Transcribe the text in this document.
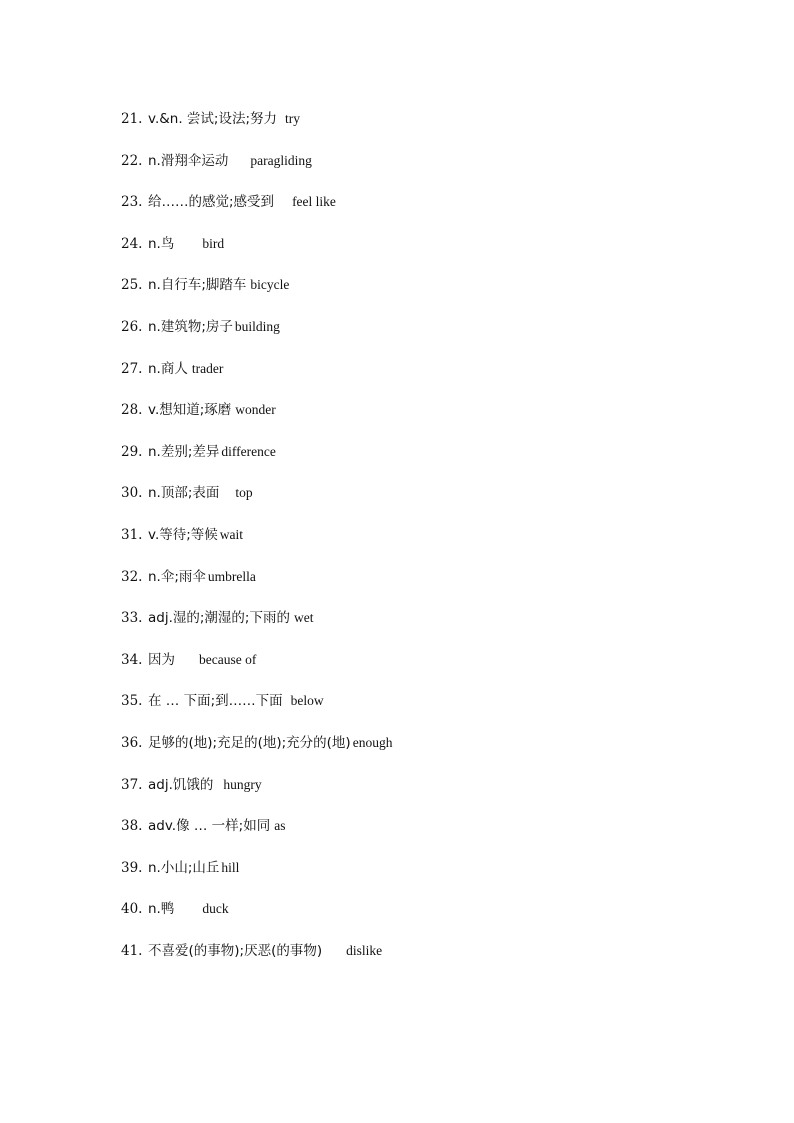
21. v.&n. 尝试;设法;努力 try
22. n.滑翔伞运动 paragliding
23. 给……的感觉;感受到 feel like
24. n.鸟 bird
25. n.自行车;脚踏车 bicycle
26. n.建筑物;房子 building
27. n.商人 trader
28. v.想知道;琢磨 wonder
29. n.差别;差异 difference
30. n.顶部;表面 top
31. v.等待;等候 wait
32. n.伞;雨伞 umbrella
33. adj.湿的;潮湿的;下雨的 wet
34. 因为 because of
35. 在 … 下面;到……下面 below
36. 足够的(地);充足的(地);充分的(地) enough
37. adj.饥饿的 hungry
38. adv.像 … 一样;如同 as
39. n.小山;山丘 hill
40. n.鸭 duck
41. 不喜爱(的事物);厌恶(的事物) dislike
